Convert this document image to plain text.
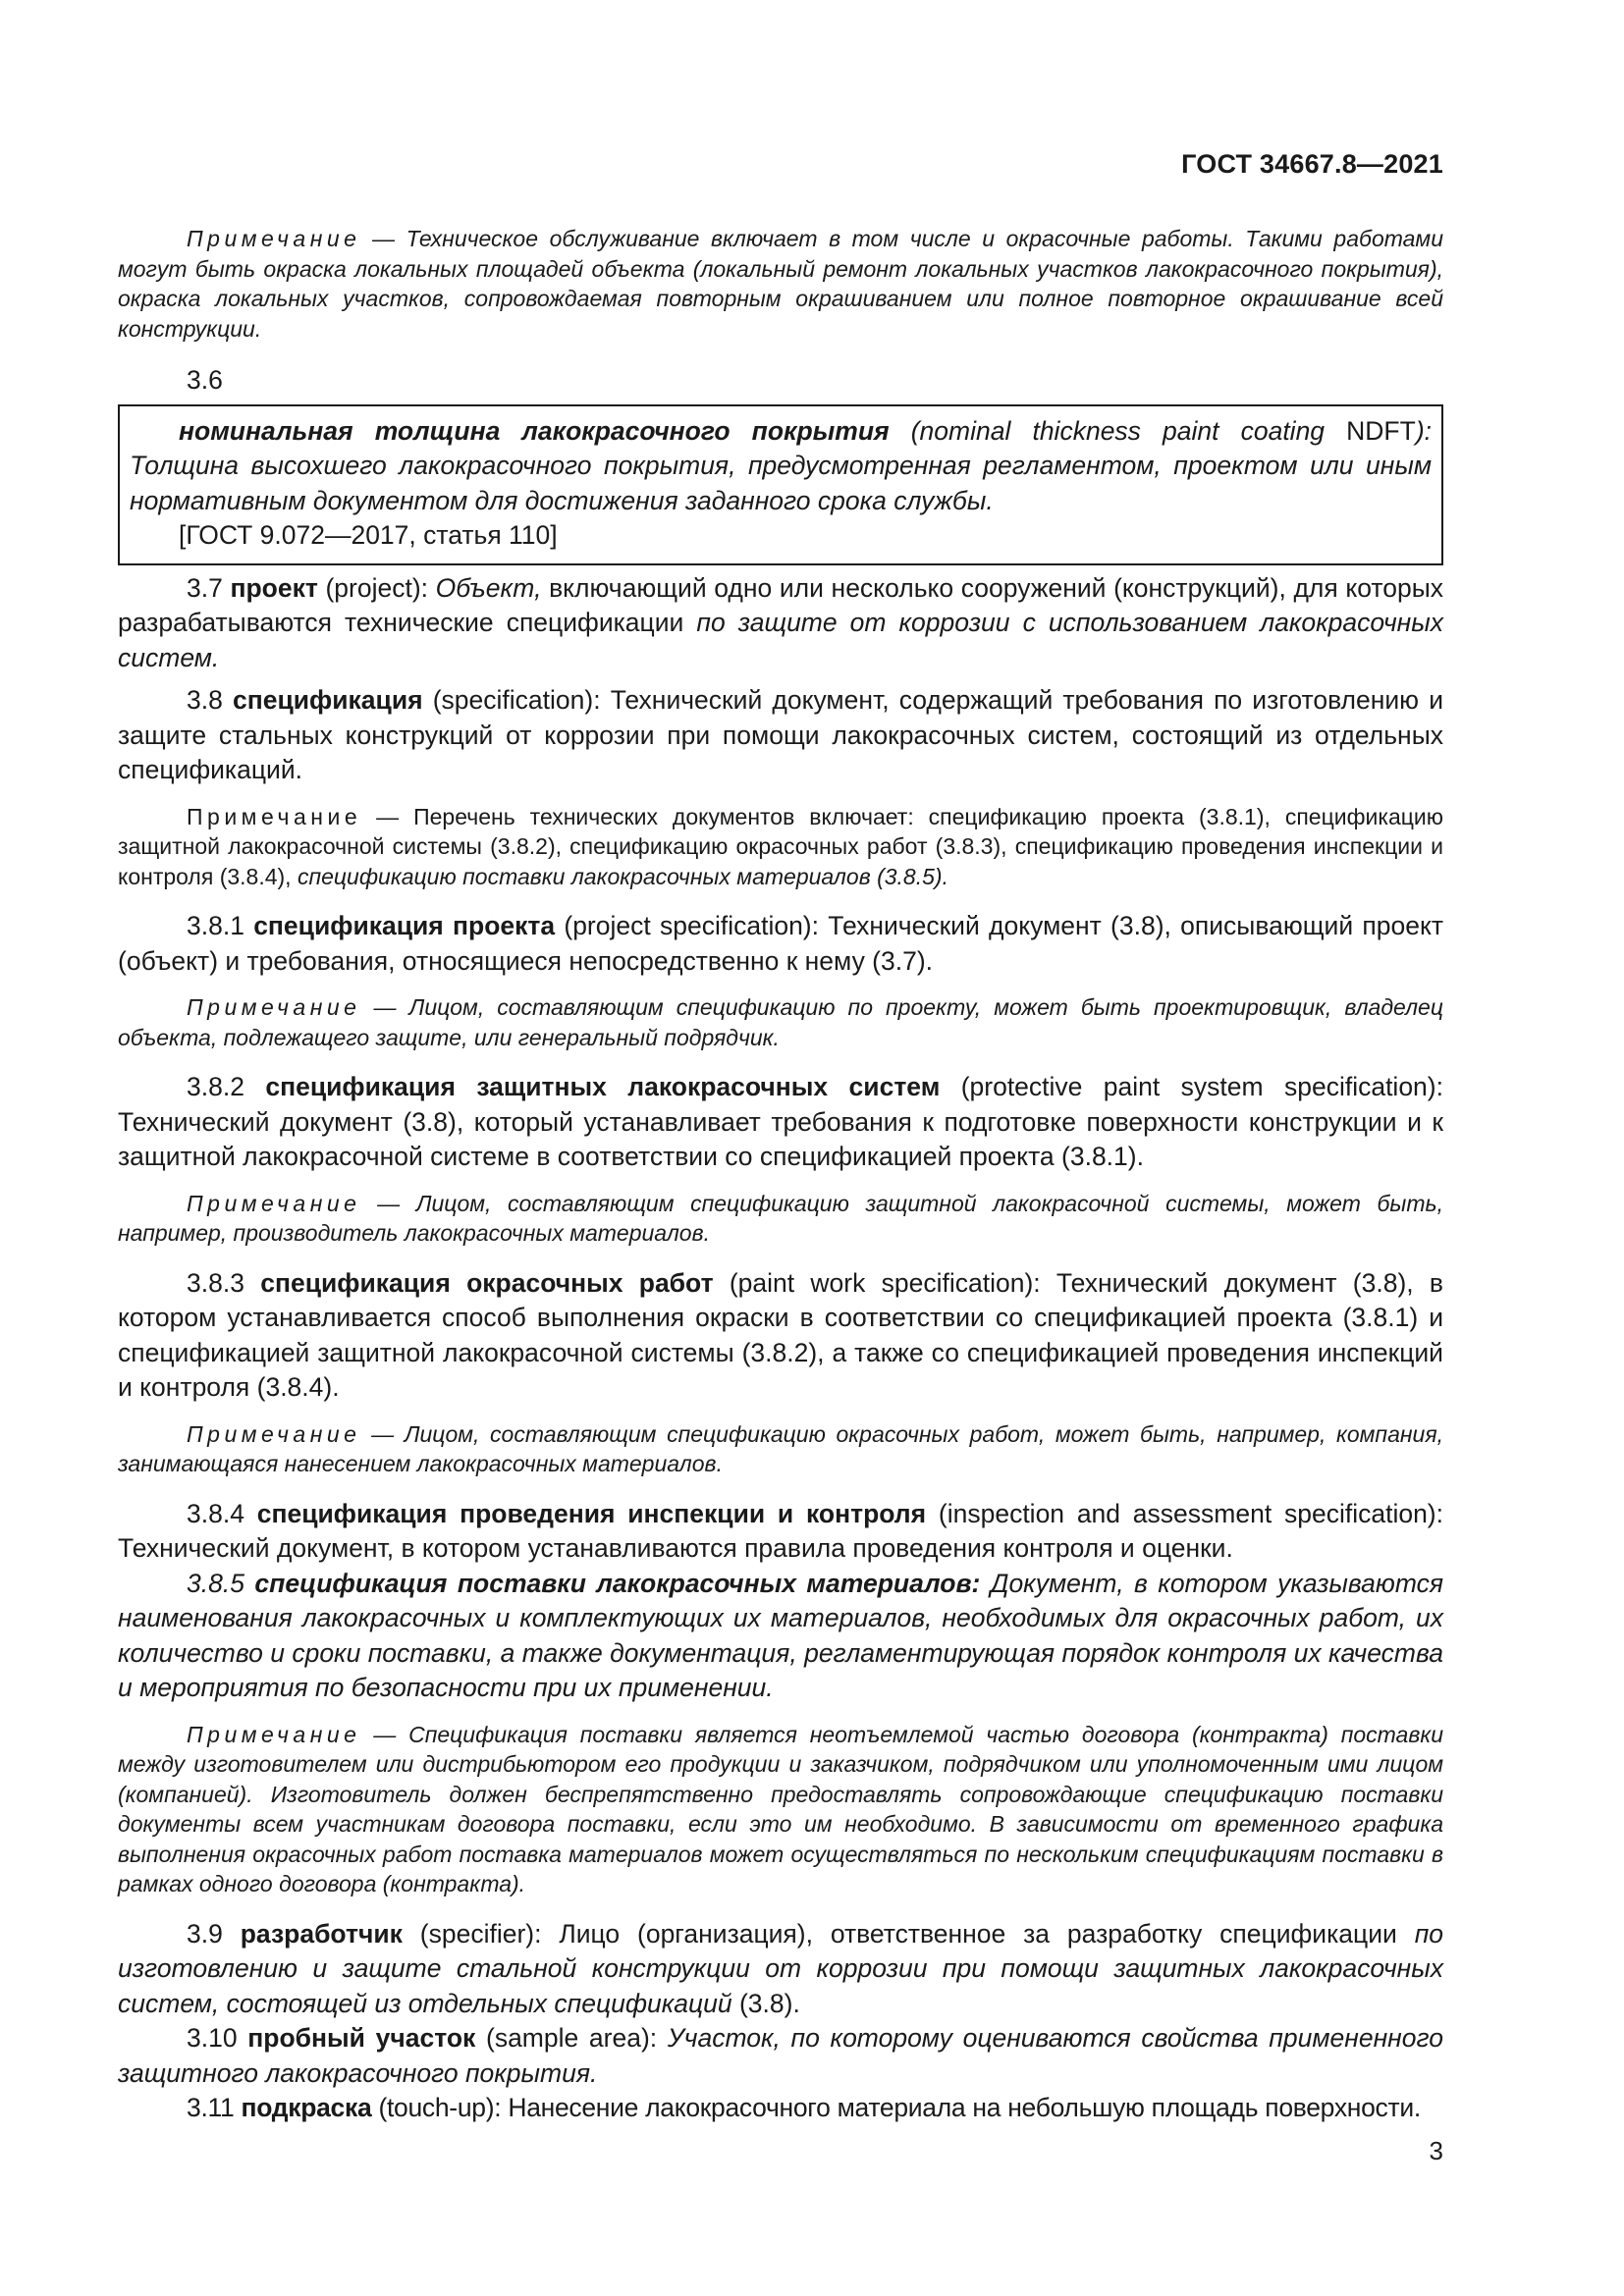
ГОСТ 34667.8—2021

Примечание — Техническое обслуживание включает в том числе и окрасочные работы. Такими работами могут быть окраска локальных площадей объекта (локальный ремонт локальных участков лакокрасочного покрытия), окраска локальных участков, сопровождаемая повторным окрашиванием или полное повторное окрашивание всей конструкции.

3.6

номинальная толщина лакокрасочного покрытия (nominal thickness paint coating NDFT): Толщина высохшего лакокрасочного покрытия, предусмотренная регламентом, проектом или иным нормативным документом для достижения заданного срока службы.

[ГОСТ 9.072—2017, статья 110]

3.7 проект (project): Объект, включающий одно или несколько сооружений (конструкций), для которых разрабатываются технические спецификации по защите от коррозии с использованием лакокрасочных систем.

3.8 спецификация (specification): Технический документ, содержащий требования по изготовлению и защите стальных конструкций от коррозии при помощи лакокрасочных систем, состоящий из отдельных спецификаций.

Примечание — Перечень технических документов включает: спецификацию проекта (3.8.1), спецификацию защитной лакокрасочной системы (3.8.2), спецификацию окрасочных работ (3.8.3), спецификацию проведения инспекции и контроля (3.8.4), спецификацию поставки лакокрасочных материалов (3.8.5).

3.8.1 спецификация проекта (project specification): Технический документ (3.8), описывающий проект (объект) и требования, относящиеся непосредственно к нему (3.7).

Примечание — Лицом, составляющим спецификацию по проекту, может быть проектировщик, владелец объекта, подлежащего защите, или генеральный подрядчик.

3.8.2 спецификация защитных лакокрасочных систем (protective paint system specification): Технический документ (3.8), который устанавливает требования к подготовке поверхности конструкции и к защитной лакокрасочной системе в соответствии со спецификацией проекта (3.8.1).

Примечание — Лицом, составляющим спецификацию защитной лакокрасочной системы, может быть, например, производитель лакокрасочных материалов.

3.8.3 спецификация окрасочных работ (paint work specification): Технический документ (3.8), в котором устанавливается способ выполнения окраски в соответствии со спецификацией проекта (3.8.1) и спецификацией защитной лакокрасочной системы (3.8.2), а также со спецификацией проведения инспекций и контроля (3.8.4).

Примечание — Лицом, составляющим спецификацию окрасочных работ, может быть, например, компания, занимающаяся нанесением лакокрасочных материалов.

3.8.4 спецификация проведения инспекции и контроля (inspection and assessment specification): Технический документ, в котором устанавливаются правила проведения контроля и оценки.

3.8.5 спецификация поставки лакокрасочных материалов: Документ, в котором указываются наименования лакокрасочных и комплектующих их материалов, необходимых для окрасочных работ, их количество и сроки поставки, а также документация, регламентирующая порядок контроля их качества и мероприятия по безопасности при их применении.

Примечание — Спецификация поставки является неотъемлемой частью договора (контракта) поставки между изготовителем или дистрибьютором его продукции и заказчиком, подрядчиком или уполномоченным ими лицом (компанией). Изготовитель должен беспрепятственно предоставлять сопровождающие спецификацию поставки документы всем участникам договора поставки, если это им необходимо. В зависимости от временного графика выполнения окрасочных работ поставка материалов может осуществляться по нескольким спецификациям поставки в рамках одного договора (контракта).

3.9 разработчик (specifier): Лицо (организация), ответственное за разработку спецификации по изготовлению и защите стальной конструкции от коррозии при помощи защитных лакокрасочных систем, состоящей из отдельных спецификаций (3.8).

3.10 пробный участок (sample area): Участок, по которому оцениваются свойства примененного защитного лакокрасочного покрытия.

3.11 подкраска (touch-up): Нанесение лакокрасочного материала на небольшую площадь поверхности.

3
